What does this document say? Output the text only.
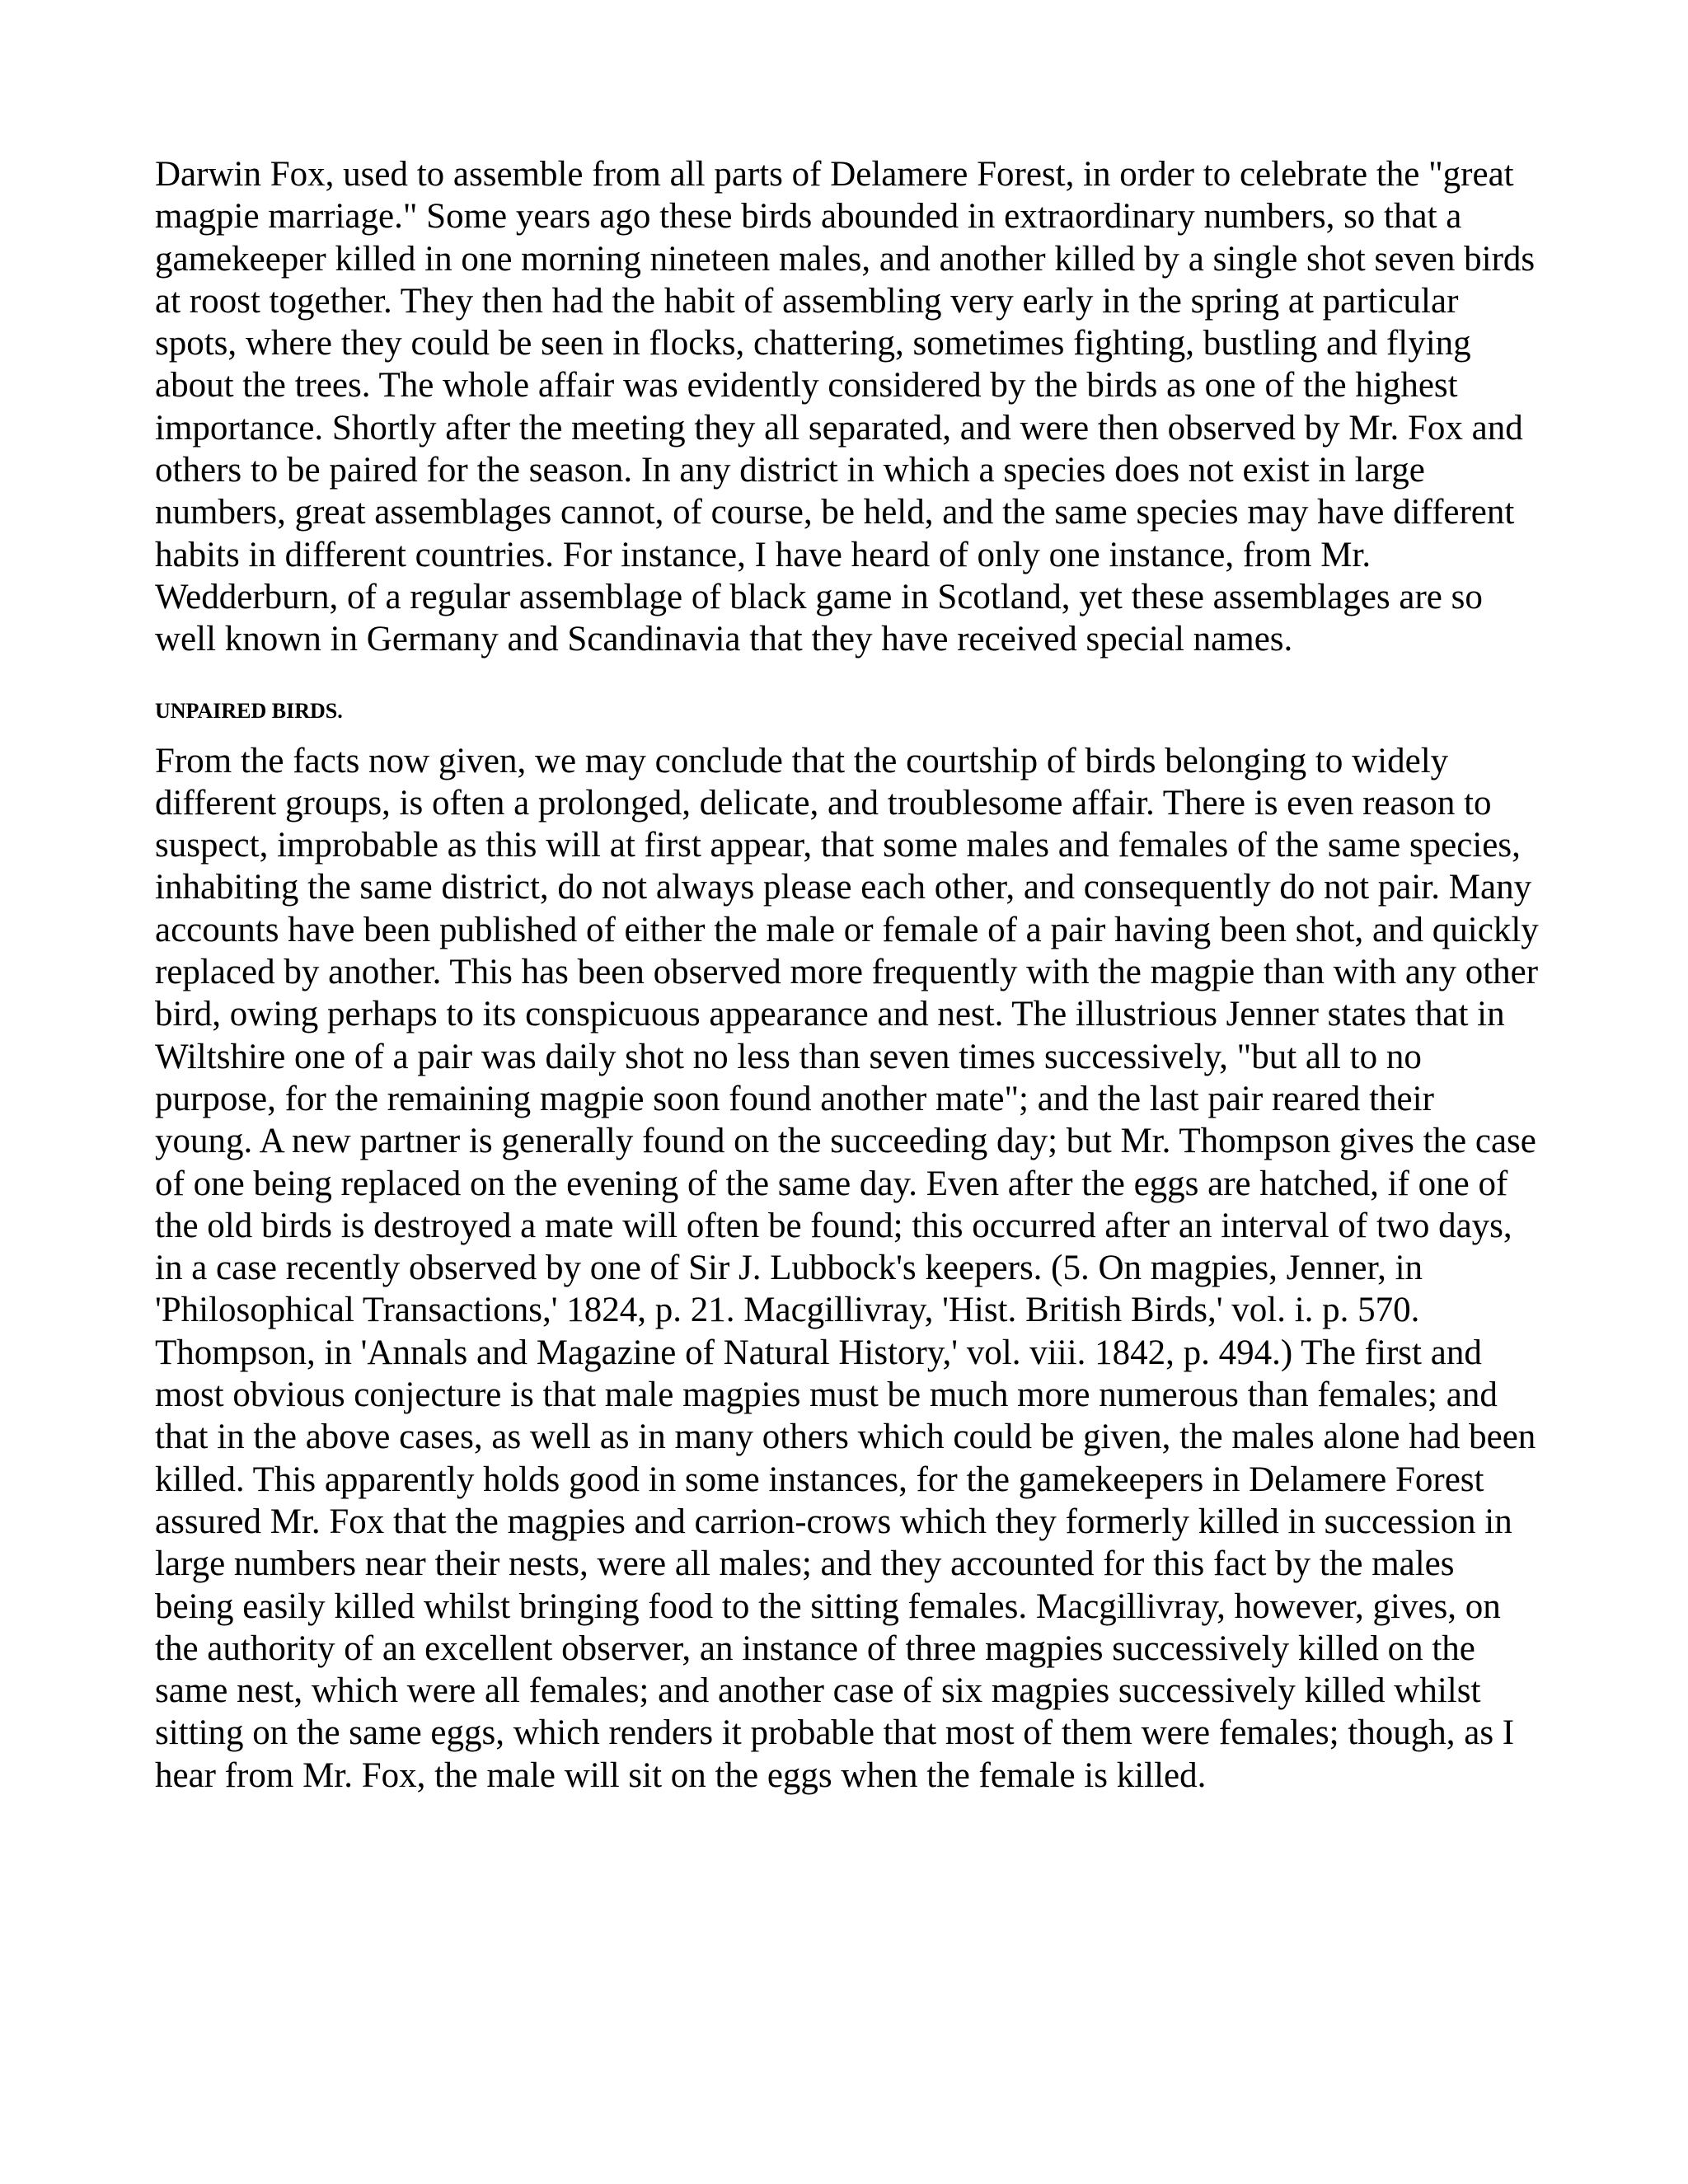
Darwin Fox, used to assemble from all parts of Delamere Forest, in order to celebrate the "great magpie marriage." Some years ago these birds abounded in extraordinary numbers, so that a gamekeeper killed in one morning nineteen males, and another killed by a single shot seven birds at roost together. They then had the habit of assembling very early in the spring at particular spots, where they could be seen in flocks, chattering, sometimes fighting, bustling and flying about the trees. The whole affair was evidently considered by the birds as one of the highest importance. Shortly after the meeting they all separated, and were then observed by Mr. Fox and others to be paired for the season. In any district in which a species does not exist in large numbers, great assemblages cannot, of course, be held, and the same species may have different habits in different countries. For instance, I have heard of only one instance, from Mr. Wedderburn, of a regular assemblage of black game in Scotland, yet these assemblages are so well known in Germany and Scandinavia that they have received special names.

UNPAIRED BIRDS.

From the facts now given, we may conclude that the courtship of birds belonging to widely different groups, is often a prolonged, delicate, and troublesome affair. There is even reason to suspect, improbable as this will at first appear, that some males and females of the same species, inhabiting the same district, do not always please each other, and consequently do not pair. Many accounts have been published of either the male or female of a pair having been shot, and quickly replaced by another. This has been observed more frequently with the magpie than with any other bird, owing perhaps to its conspicuous appearance and nest. The illustrious Jenner states that in Wiltshire one of a pair was daily shot no less than seven times successively, "but all to no purpose, for the remaining magpie soon found another mate"; and the last pair reared their young. A new partner is generally found on the succeeding day; but Mr. Thompson gives the case of one being replaced on the evening of the same day. Even after the eggs are hatched, if one of the old birds is destroyed a mate will often be found; this occurred after an interval of two days, in a case recently observed by one of Sir J. Lubbock's keepers. (5. On magpies, Jenner, in 'Philosophical Transactions,' 1824, p. 21. Macgillivray, 'Hist. British Birds,' vol. i. p. 570. Thompson, in 'Annals and Magazine of Natural History,' vol. viii. 1842, p. 494.) The first and most obvious conjecture is that male magpies must be much more numerous than females; and that in the above cases, as well as in many others which could be given, the males alone had been killed. This apparently holds good in some instances, for the gamekeepers in Delamere Forest assured Mr. Fox that the magpies and carrion-crows which they formerly killed in succession in large numbers near their nests, were all males; and they accounted for this fact by the males being easily killed whilst bringing food to the sitting females. Macgillivray, however, gives, on the authority of an excellent observer, an instance of three magpies successively killed on the same nest, which were all females; and another case of six magpies successively killed whilst sitting on the same eggs, which renders it probable that most of them were females; though, as I hear from Mr. Fox, the male will sit on the eggs when the female is killed.
